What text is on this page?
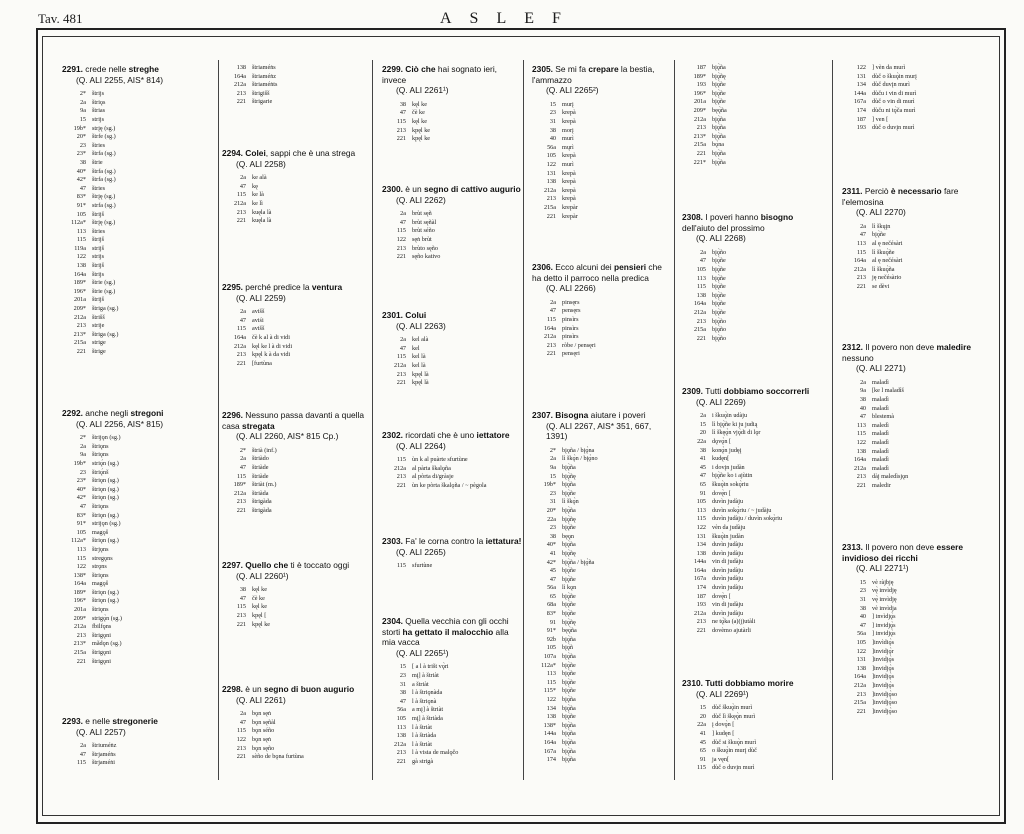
Tav. 481	ASLEF
2291. crede nelle streghe
(Q. ALI 2255, AIS* 814)
2* štrijs
2a štriǫs
9a štrias
15 strijs
19b* strįę (sg.)
20* štrfe (sg.)
23 štries
23* štrfa (sg.)
38 štrie
40* štrfa (sg.)
42* štrfa (sg.)
47 štries
83* štrįę (sg.)
91* strfa (sg.)
105 štrijš
112a* štrįę (sg.)
113 štries
115 štrijš
119a strijš
122 strijs
138 štrijš
164a štrijs
189* štrie (sg.)
196* štrie (sg.)
201a štrijš
209* štriga (sg.)
212a štrišš
213 strije
213* štriga (sg.)
215a strige
221 štrige
2292. anche negli stregoni
(Q. ALI 2256, AIS* 815)
2* štrijǫn (sg.)
2a štriǫns
9a štriǫns
19b* striǫ́n (sg.)
23 štriǫ́nš
23* štriǫn (sg.)
40* štriǫn (sg.)
42* štriǫn (sg.)
47 štriǫns
83* štriǫn (sg.)
91* strijǫn (sg.)
105 magǫš
112a* štriǫn (sg.)
113 štrjǫns
115 stregǫns
122 strǫns
138* štriǫns
164a magǫš
189* štriǫn (sg.)
196* štriǫn (sg.)
201a štriǫns
209* strigǫ̀n (sg.)
212a fbilfǫns
213 štrigǫni
213* mǎdǫn (sg.)
215a štrigǫni
221 štrigǫni
2293. e nelle stregonerie
(Q. ALI 2257)
2a štriuméṅz
47 štrjaméṅs
115 štrjaméṅi
138 štriaméṅs
164a štriaméṅz
212a štriaméṅts
213 štrigišš
221 štrigarie
2294. Colei, sappi che è una strega
(Q. ALI 2258)
2a ke alà
47 kę
115 ke là
212a ke lì
213 kuęla là
221 kuęla là
2295. perché predice la ventura
(Q. ALI 2259)
2a avišš
47 aviśi
115 avišš
164a čè k al à di vidi
212a kęl ke l à di vidi
213 kpęl k à da vidi
221 [furtùna
2296. Nessuno passa davanti a quella casa stregata
(Q. ALI 2260, AIS* 815 Cp.)
2* štrià (inf.)
2a štriàdo
47 štriàde
115 štriàde
189* štriàt (m.)
212a štriàda
213 štrigàda
221 štrigàda
2297. Quello che ti è toccato oggi
(Q. ALI 2260¹)
38 kęl ke
47 čè ke
115 kęl ke
213 kpęl [
221 kpęl ke
2298. è un segno di buon augurio
(Q. ALI 2261)
2a bǫn sęṅ
47 bǫn sęñàl
115 bǫn séño
122 bǫn sęṅ
213 bǫn sęño
221 sèño de bǫna furtùna
2299. Ciò che hai sognato ieri, invece
(Q. ALI 2261¹)
38 kęl ke
47 čè ke
115 kęl ke
213 kpęl ke
221 kpęl ke
2300. è un segno di cattivo augurio
(Q. ALI 2262)
2a brùt sęñ
47 brùt sęñàl
115 brùt séño
122 sęṅ brùt
213 brùto sęño
221 sęño kativo
2301. Colui
(Q. ALI 2263)
2a kel alà
47 kel
115 kel là
212a kel là
213 kpęl là
221 kpęl là
2302. ricordati che è uno iettatore
(Q. ALI 2264)
115 ùn k al puàrte sfurtùne
212a al pàrta škalǫña
213 al pòrta di/gràsje
221 ùn ke pòrta škalǫña / ~ pègola
2303. Fa' le corna contro la iettatura!
(Q. ALI 2265)
115 sfurtùne
2304. Quella vecchia con gli occhi storti ha gettato il malocchio alla mia vacca
(Q. ALI 2265¹)
15 [ a l à trišt vǫ̀ri
23 mį] à štriàt
31 a štriàt
38 l à štriǫnàda
47 l à štriǫnà
56a a mį] à štriàt
105 mį] à štriàda
113 l à štriàt
138 l à štriàda
212a l à štriàt
213 l à vista de malǫčo
221 gà strigà
2305. Se mi fa crepare la bestia, l'ammazzo
(Q. ALI 2265²)
15 murį
23 krepà
31 krepà
38 morį
40 murì
56a mųrì
105 krepà
122 murì
131 krepà
138 krepà
212a krepà
213 krepà
215a krepàr
221 krepàr
2306. Ecco alcuni dei pensieri che ha detto il parroco nella predica
(Q. ALI 2266)
2a pinsęrs
47 pensęrs
115 pinsìrs
164a pinsìrs
212a pinsìrs
213 ròbe / pensęri
221 pensęri
2307. Bisogna aiutare i poveri
(Q. ALI 2267, AIS* 351, 667, 1391)
2* bįǫña / bįǫ̀na
2a lì škǫ̀n / bįǫ̀no
9a bįǫ̀ña
15 bįǫ̀ñę
19b* bįǫ̀ña
23 bįǫ̀ñe
31 lì škǫ̀n
20* bįǫ̀ña
22a bįǫ̀ñę
23 bįǫ̀ñe
38 bęǫn
40* bįǫ̀ña
41 bįǫ̀ñę
42* bįǫ̀ña / bįǫ̀ña
45 bįǫ̀ñe
47 bįǫ̀ñe
56a lì kǫn
65 bįǫ̀ñe
68a bįǫ̀ñe
83* bįǫ̀ñe
91 bįǫ̀ñę
91* bęǫ̀ña
92b bįǫ̀ña
105 bįǫ̀ñ
107a bįǫ̀ña
112a* bįǫ̀ñe
113 bįǫ̀ñe
115 bįǫ̀ñe
115* bįǫ̀ñe
122 bįǫ̀ña
134 bįǫ̀ña
138 bįǫ̀ñe
138* bįǫ̀ña
144a bįǫ̀ña
164a bįǫ̀ña
167a bįǫ̀ña
174 bįǫ̀ña
187 bįǫ̀ña
189* bįǫ̀ñę
193 bįǫ̀ñe
196* bįǫ̀ñe
201a bįǫ̀ñe
209* bęǫ̀ña
212a bįǫ̀ña
213 bįǫ̀ña
213* bįǫ̀ña
215a bǫ̀na
221 bįǫ̀ña
221* bįǫ̀ña
2308. I poveri hanno bisogno dell'aiuto del prossimo
(Q. ALI 2268)
2a bįǫ̀ño
47 bįǫ̀ñe
105 bįǫ̀ñe
113 bįǫ̀ñe
115 bįǫ̀ñe
138 bįǫ̀ñe
164a bįǫ̀ñe
212a bįǫ̀ñe
213 bįǫ̀ño
215a bįǫ̀ño
221 bįǫ̀ño
2309. Tutti dobbiamo soccorrerli
(Q. ALI 2269)
2a i škuǫ̀in udàju
15 lì bįǫ̀ñe ki ju judią
20 lì škęǫ̀n vjǫ̀di di lǫr
22a dǫvǫ̀n [
38 konǫ̀n judęį
41 kudęn[
45 i dovįn judàn
47 bįǫ̀ñe ko i ajùtin
65 škuǫ̀in sokǫ̀riu
91 dovę̀n [
105 duvìn judàju
113 duvìn sokǫ̀riu / ~ judàju
115 duvìn judàju / duvìn sokǫ̀riu
122 vèn da judàju
131 škuǫ̀in judàn
134 duvìn judàju
138 duvìn judàju
144a vin di judàju
164a duvìn judàju
167a duvìn judàju
174 duvìn judàju
187 dovę̀n [
193 vin di judàju
212a duvìn judàju
213 ne tǫ̀ka (a)(j)utàli
221 dovèmo ajutàrli
2310. Tutti dobbiamo morire
(Q. ALI 2269¹)
15 dùč škuǫ̀in murì
20 dùč lì škęǫ̀n murì
22a į dovǫ̀n [
41 ] kudęn [
45 dùč si škuǫ̀n murì
65 o škuǫ̀in murį dùč
91 ja vęn[
115 dùč o duvįn murì
122 ] vèn da murì
131 dùč o škuǫ̀in murį
134 dùč duvįn murì
144a dùču i vin di murì
167a dùč o vin di murì
174 dùču ni tǫ̀ča murì
187 ] ven [
193 dùč o duvįn murì
2311. Perciò è necessario fare l'elemosina
(Q. ALI 2270)
2a lì škųįn
47 bįǫ̀ñe
113 al ę nečésàri
115 lì škuǫ̀ñe
164a al ę nečésàri
212a lì škuǫ̀ña
213 ję nečésàrio
221 se dèvi
2312. Il povero non deve maledire nessuno
(Q. ALI 2271)
2a maladì
9a [ke l maladìš
38 maladì
40 maladì
47 blestemà
113 maledì
115 maladì
122 maladì
138 maladì
164a maladì
212a maladì
213 dàj maledìsjǫn
221 maledir
2313. Il povero non deve essere invidioso dei ricchi
(Q. ALI 2271¹)
15 vè ràjbję
23 vę̀ invìdję
31 vę̀ invìdję
38 vè invìdja
40 ] invìdjǫ̀s
47 ] invidjǫ̀s
56a ] invidjǫ̀s
105 ]invìdiǫ̀s
122 ]invidjǫ̀r
131 ]invidjǫ̀s
138 ]invidjǫ̀s
164a ]invidjǫ̀s
212a ]invidjǫ̀s
213 ]invidjǫ̀so
215a ]invidjǫ̀so
221 ]invidjǫ̀so
